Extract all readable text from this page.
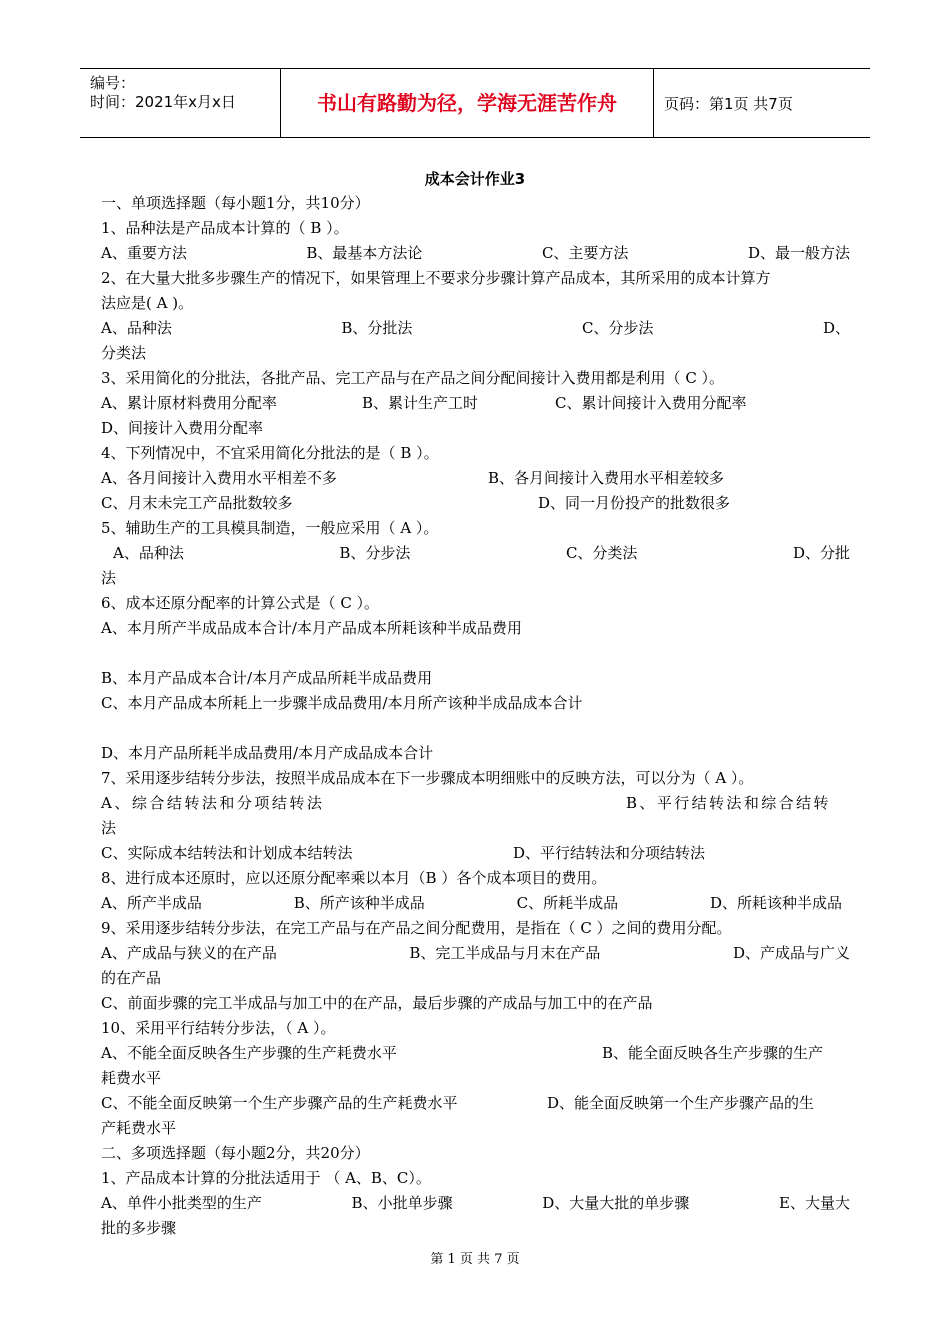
编号：
时间：2021年x月x日	书山有路勤为径，学海无涯苦作舟	页码：第1页 共7页
成本会计作业3
一、单项选择题（每小题1分，共10分）
1、品种法是产品成本计算的（ B ）。
A、重要方法	B、最基本方法论	C、主要方法	D、最一般方法
2、在大量大批多步骤生产的情况下，如果管理上不要求分步骤计算产品成本，其所采用的成本计算方
法应是( A )。
A、品种法	B、分批法	C、分步法	D、
分类法
3、采用简化的分批法，各批产品、完工产品与在产品之间分配间接计入费用都是利用（ C ）。
A、累计原材料费用分配率	B、累计生产工时	C、累计间接计入费用分配率
D、间接计入费用分配率
4、下列情况中，不宜采用简化分批法的是（ B ）。
A、各月间接计入费用水平相差不多	B、各月间接计入费用水平相差较多
C、月末未完工产品批数较多	D、同一月份投产的批数很多
5、辅助生产的工具模具制造，一般应采用（ A ）。
A、品种法	B、分步法	C、分类法	D、分批
法
6、成本还原分配率的计算公式是（ C ）。
A、本月所产半成品成本合计/本月产品成本所耗该种半成品费用
B、本月产品成本合计/本月产成品所耗半成品费用
C、本月产品成本所耗上一步骤半成品费用/本月所产该种半成品成本合计
D、本月产品所耗半成品费用/本月产成品成本合计
7、采用逐步结转分步法，按照半成品成本在下一步骤成本明细账中的反映方法，可以分为（ A ）。
A、综合结转法和分项结转法	B、平行结转法和综合结转
法
C、实际成本结转法和计划成本结转法	D、平行结转法和分项结转法
8、进行成本还原时，应以还原分配率乘以本月（B ）各个成本项目的费用。
A、所产半成品	B、所产该种半成品	C、所耗半成品	D、所耗该种半成品
9、采用逐步结转分步法，在完工产品与在产品之间分配费用，是指在（ C ）之间的费用分配。
A、产成品与狭义的在产品	B、完工半成品与月末在产品	D、产成品与广义
的在产品
C、前面步骤的完工半成品与加工中的在产品，最后步骤的产成品与加工中的在产品
10、采用平行结转分步法，（ A ）。
A、不能全面反映各生产步骤的生产耗费水平	B、能全面反映各生产步骤的生产
耗费水平
C、不能全面反映第一个生产步骤产品的生产耗费水平	D、能全面反映第一个生产步骤产品的生
产耗费水平
二、多项选择题（每小题2分，共20分）
1、产品成本计算的分批法适用于 （ A、B、C）。
A、单件小批类型的生产	B、小批单步骤	D、大量大批的单步骤	E、大量大
批的多步骤
第 1 页 共 7 页
